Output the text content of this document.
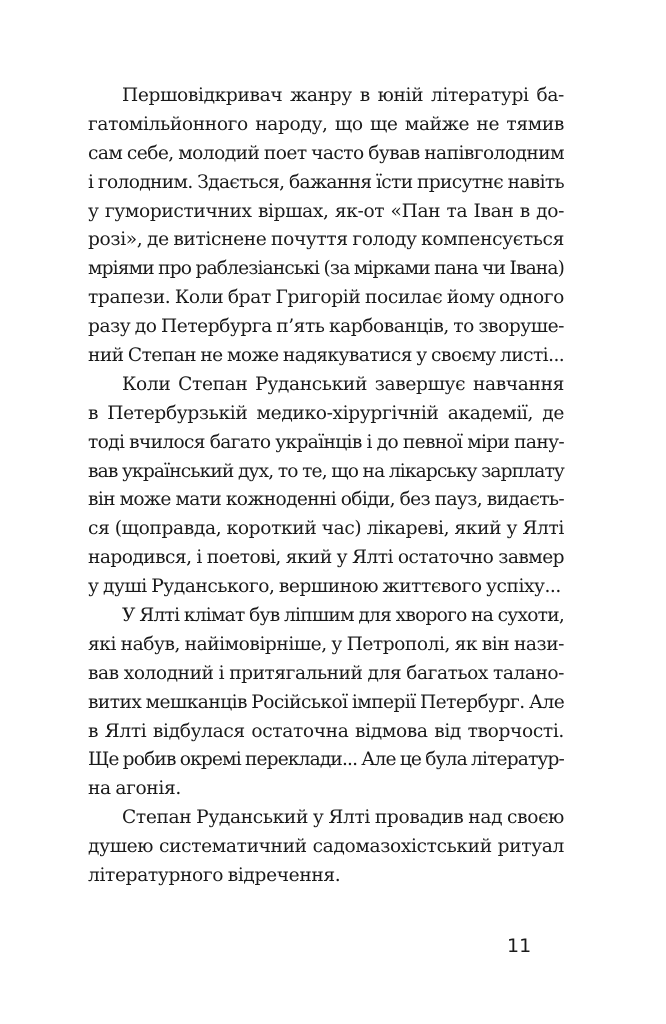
Першовідкривач жанру в юній літературі ба-
гатомільйонного народу, що ще майже не тямив
сам себе, молодий поет часто бував напівголодним
і голодним. Здається, бажання їсти присутнє навіть
у гумористичних віршах, як-от «Пан та Іван в до-
розі», де витіснене почуття голоду компенсується
мріями про раблезіанські (за мірками пана чи Івана)
трапези. Коли брат Григорій посилає йому одного
разу до Петербурга п’ять карбованців, то зворуше-
ний Степан не може надякуватися у своєму листі...
Коли Степан Руданський завершує навчання
в Петербурзькій медико-хірургічній академії, де
тоді вчилося багато українців і до певної міри пану-
вав український дух, то те, що на лікарську зарплату
він може мати кожноденні обіди, без пауз, видаєть-
ся (щоправда, короткий час) лікареві, який у Ялті
народився, і поетові, який у Ялті остаточно завмер
у душі Руданського, вершиною життєвого успіху...
У Ялті клімат був ліпшим для хворого на сухоти,
які набув, найімовірніше, у Петрополі, як він нази-
вав холодний і притягальний для багатьох талано-
витих мешканців Російської імперії Петербург. Але
в Ялті відбулася остаточна відмова від творчості.
Ще робив окремі переклади... Але це була літератур-
на агонія.
Степан Руданський у Ялті провадив над своєю
душею систематичний садомазохістський ритуал
літературного відречення.
11
